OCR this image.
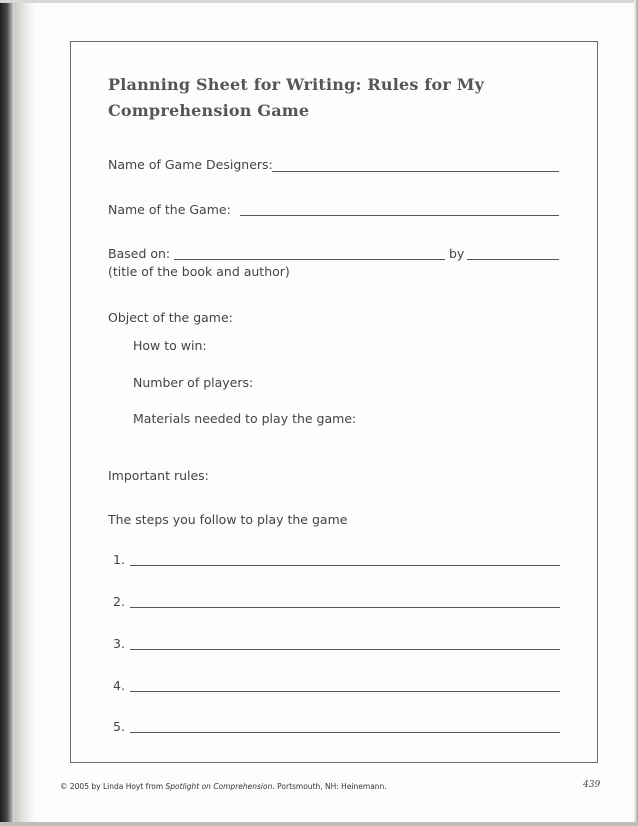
Planning Sheet for Writing: Rules for My Comprehension Game
Name of Game Designers:
Name of the Game:
Based on:	by
(title of the book and author)
Object of the game:
How to win:
Number of players:
Materials needed to play the game:
Important rules:
The steps you follow to play the game
1.
2.
3.
4.
5.
© 2005 by Linda Hoyt from Spotlight on Comprehension. Portsmouth, NH: Heinemann.	439
